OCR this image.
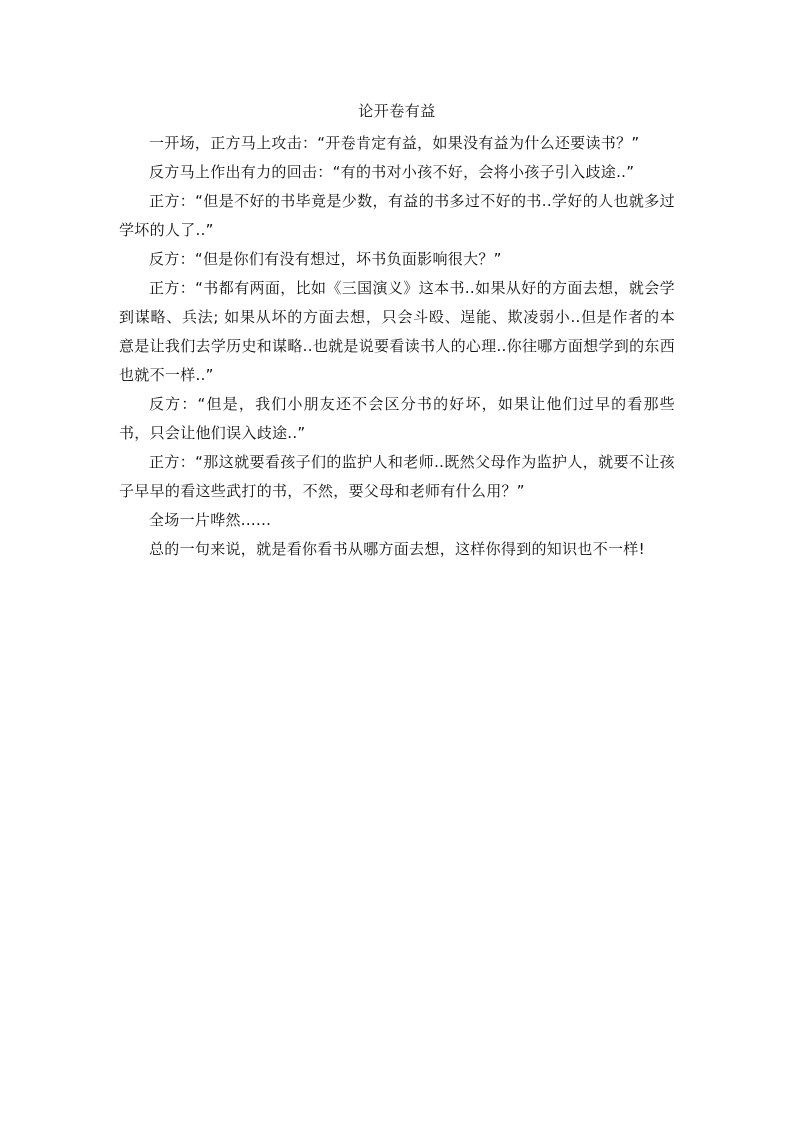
论开卷有益

一开场，正方马上攻击：“开卷肯定有益，如果没有益为什么还要读书？”

反方马上作出有力的回击：“有的书对小孩不好，会将小孩子引入歧途..”

正方：“但是不好的书毕竟是少数，有益的书多过不好的书..学好的人也就多过学坏的人了..”

反方：“但是你们有没有想过，坏书负面影响很大？”

正方：“书都有两面，比如《三国演义》这本书..如果从好的方面去想，就会学到谋略、兵法; 如果从坏的方面去想，只会斗殴、逞能、欺凌弱小..但是作者的本意是让我们去学历史和谋略..也就是说要看读书人的心理..你往哪方面想学到的东西也就不一样..”

反方：“但是，我们小朋友还不会区分书的好坏，如果让他们过早的看那些书，只会让他们误入歧途..”

正方：“那这就要看孩子们的监护人和老师..既然父母作为监护人，就要不让孩子早早的看这些武打的书，不然，要父母和老师有什么用？”

全场一片哗然......

总的一句来说，就是看你看书从哪方面去想，这样你得到的知识也不一样!
